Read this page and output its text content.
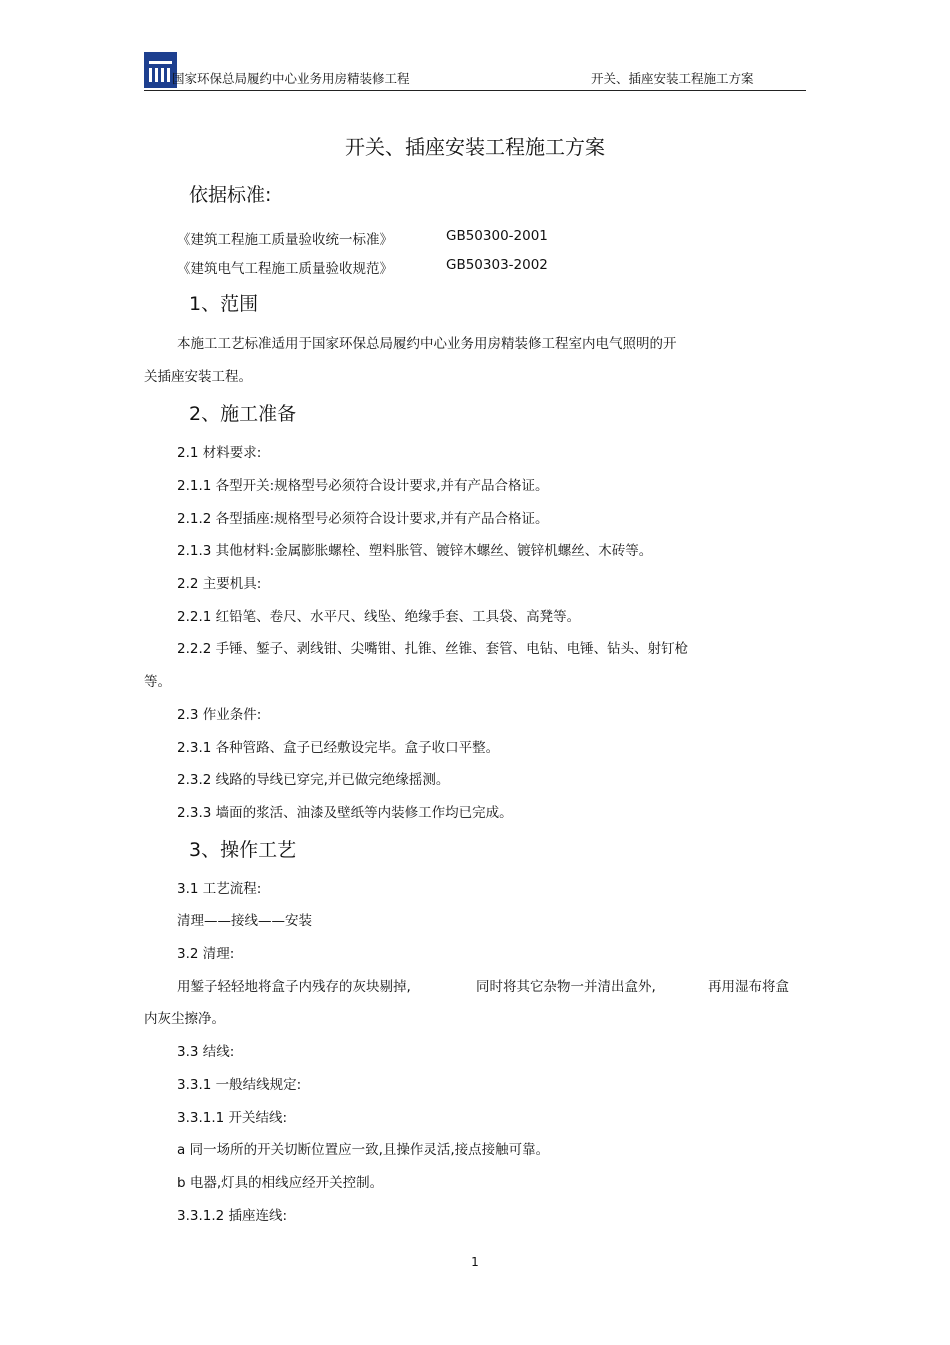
国家环保总局履约中心业务用房精装修工程	开关、插座安装工程施工方案
开关、插座安装工程施工方案
依据标准:
《建筑工程施工质量验收统一标准》	GB50300-2001
《建筑电气工程施工质量验收规范》	GB50303-2002
1、范围
本施工工艺标准适用于国家环保总局履约中心业务用房精装修工程室内电气照明的开
关插座安装工程。
2、施工准备
2.1 材料要求:
2.1.1 各型开关:规格型号必须符合设计要求,并有产品合格证。
2.1.2 各型插座:规格型号必须符合设计要求,并有产品合格证。
2.1.3 其他材料:金属膨胀螺栓、塑料胀管、镀锌木螺丝、镀锌机螺丝、木砖等。
2.2 主要机具:
2.2.1 红铅笔、卷尺、水平尺、线坠、绝缘手套、工具袋、高凳等。
2.2.2 手锤、錾子、剥线钳、尖嘴钳、扎锥、丝锥、套管、电钻、电锤、钻头、射钉枪
等。
2.3 作业条件:
2.3.1 各种管路、盒子已经敷设完毕。盒子收口平整。
2.3.2 线路的导线已穿完,并已做完绝缘摇测。
2.3.3 墙面的浆活、油漆及壁纸等内装修工作均已完成。
3、操作工艺
3.1 工艺流程:
清理——接线——安装
3.2 清理:
用錾子轻轻地将盒子内残存的灰块剔掉,	同时将其它杂物一并清出盒外,	再用湿布将盒
内灰尘擦净。
3.3 结线:
3.3.1 一般结线规定:
3.3.1.1 开关结线:
a 同一场所的开关切断位置应一致,且操作灵活,接点接触可靠。
b 电器,灯具的相线应经开关控制。
3.3.1.2 插座连线:
1
